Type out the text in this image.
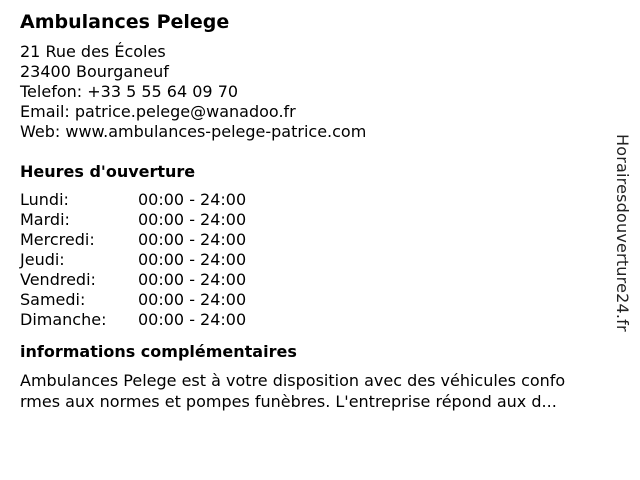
Ambulances Pelege
21 Rue des Écoles
23400 Bourganeuf
Telefon: +33 5 55 64 09 70
Email: patrice.pelege@wanadoo.fr
Web: www.ambulances-pelege-patrice.com
Heures d'ouverture
Lundi:	00:00 - 24:00
Mardi:	00:00 - 24:00
Mercredi:	00:00 - 24:00
Jeudi:	00:00 - 24:00
Vendredi:	00:00 - 24:00
Samedi:	00:00 - 24:00
Dimanche:	00:00 - 24:00
informations complémentaires
Ambulances Pelege est à votre disposition avec des véhicules confo
rmes aux normes et pompes funèbres. L'entreprise répond aux d...
Horairesdouverture24.fr
